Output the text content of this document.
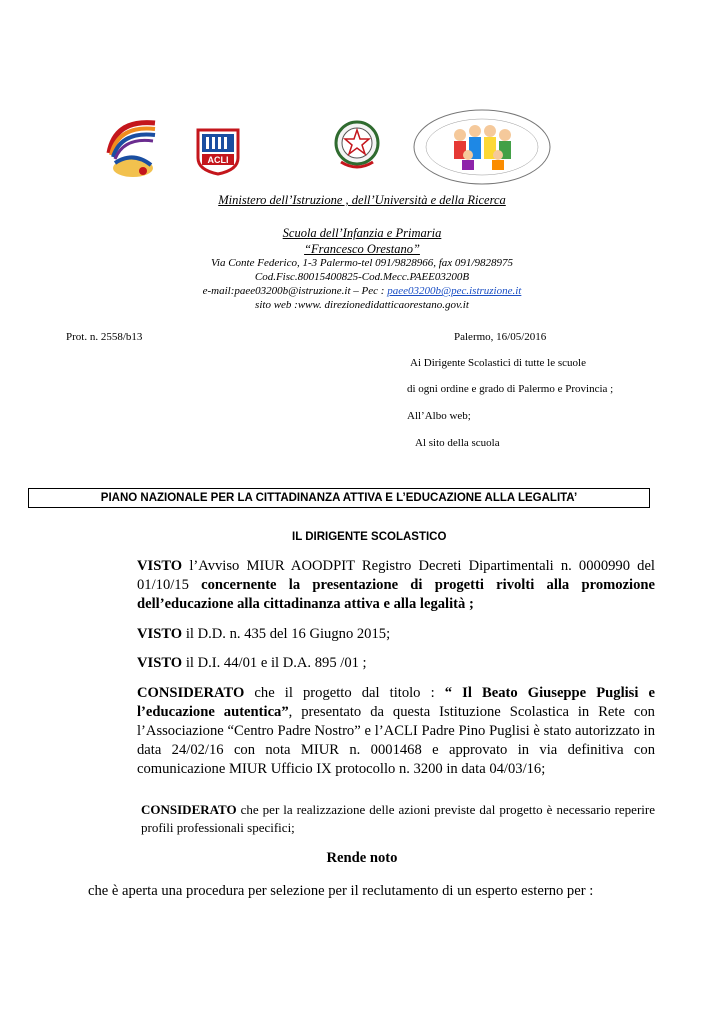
ACLI
Ministero dell’Istruzione , dell’Università e della Ricerca
Scuola dell’Infanzia e Primaria
“Francesco Orestano”
Via Conte Federico, 1-3 Palermo-tel 091/9828966, fax 091/9828975
Cod.Fisc.80015400825-Cod.Mecc.PAEE03200B
e-mail:paee03200b@istruzione.it – Pec : paee03200b@pec.istruzione.it
sito web :www. direzionedidatticaorestano.gov.it
Prot. n. 2558/b13	Palermo, 16/05/2016
Ai Dirigente Scolastici di tutte le scuole
di ogni ordine e grado di Palermo e Provincia ;
All’Albo web;
Al sito della scuola
PIANO NAZIONALE PER LA CITTADINANZA ATTIVA E L’EDUCAZIONE ALLA LEGALITA’
IL DIRIGENTE SCOLASTICO
VISTO l’Avviso MIUR AOODPIT Registro Decreti Dipartimentali n. 0000990 del 01/10/15 concernente la presentazione di progetti rivolti alla promozione dell’educazione alla cittadinanza attiva e alla legalità ;
VISTO il D.D. n. 435 del 16 Giugno 2015;
VISTO il D.I. 44/01 e il D.A. 895 /01 ;
CONSIDERATO che il progetto dal titolo : “ Il Beato Giuseppe Puglisi e l’educazione autentica”, presentato da questa Istituzione Scolastica in Rete con l’Associazione “Centro Padre Nostro” e l’ACLI Padre Pino Puglisi è stato autorizzato in data 24/02/16 con nota MIUR n. 0001468 e approvato in via definitiva con comunicazione MIUR Ufficio IX protocollo n. 3200 in data 04/03/16;
CONSIDERATO che per la realizzazione delle azioni previste dal progetto è necessario reperire profili professionali specifici;
Rende noto
che è aperta una procedura per selezione per il reclutamento di un esperto esterno per :
